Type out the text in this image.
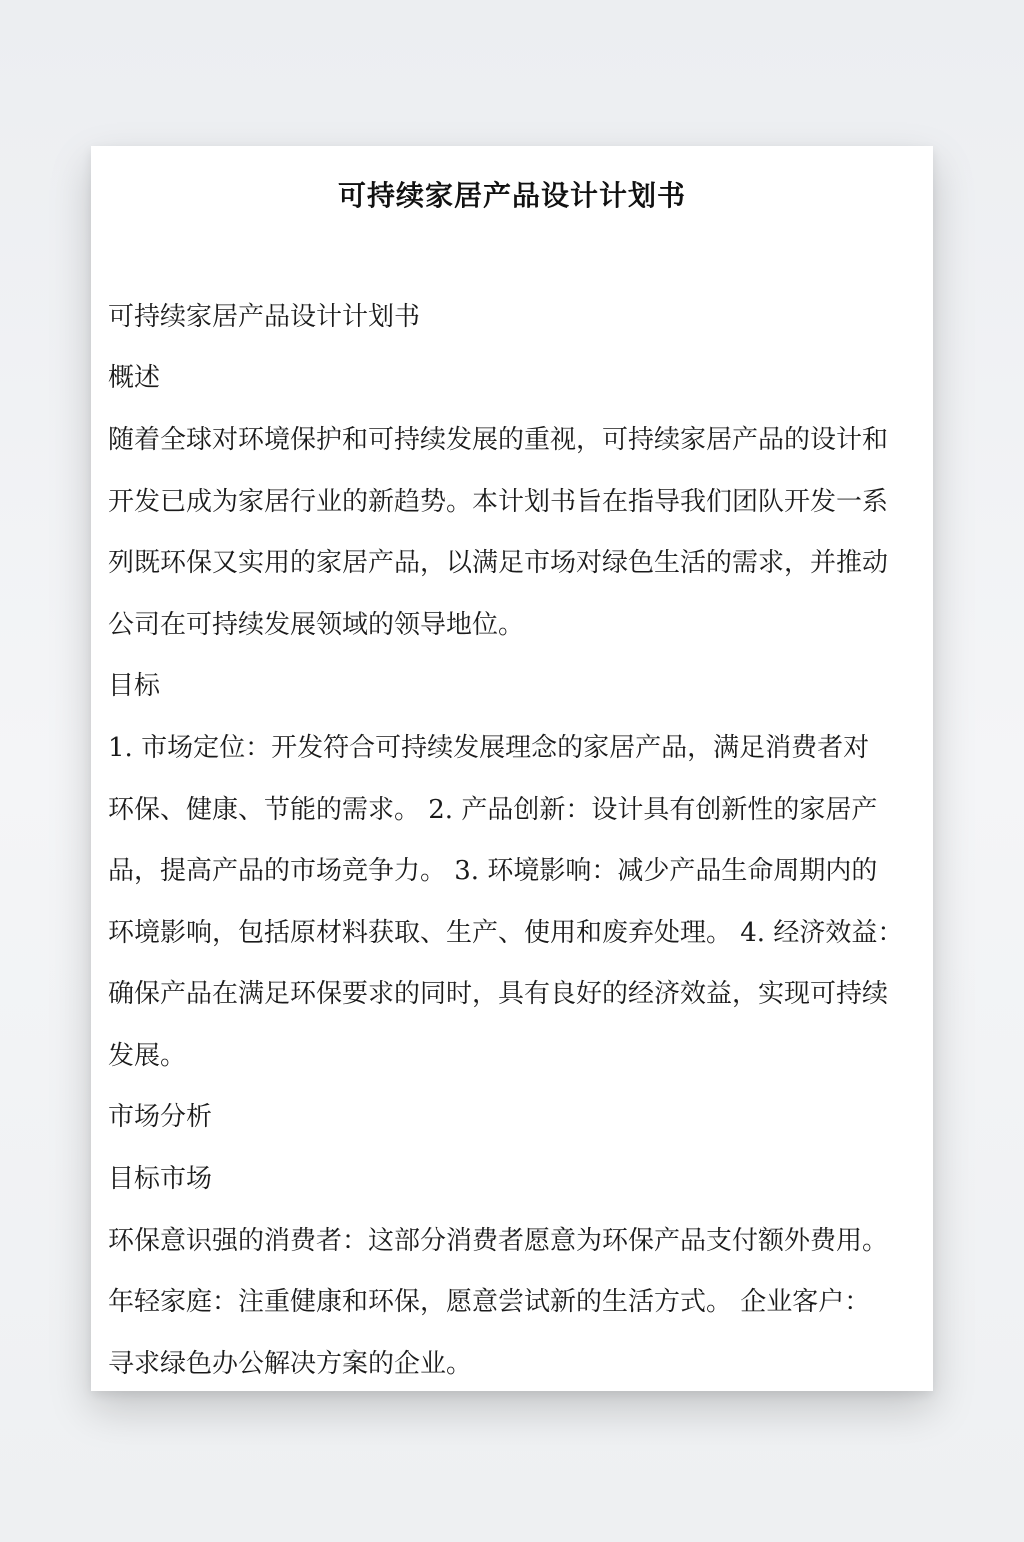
可持续家居产品设计计划书
可持续家居产品设计计划书
概述
随着全球对环境保护和可持续发展的重视，可持续家居产品的设计和
开发已成为家居行业的新趋势。本计划书旨在指导我们团队开发一系
列既环保又实用的家居产品，以满足市场对绿色生活的需求，并推动
公司在可持续发展领域的领导地位。
目标
1. 市场定位：开发符合可持续发展理念的家居产品，满足消费者对
环保、健康、节能的需求。 2. 产品创新：设计具有创新性的家居产
品，提高产品的市场竞争力。 3. 环境影响：减少产品生命周期内的
环境影响，包括原材料获取、生产、使用和废弃处理。 4. 经济效益：
确保产品在满足环保要求的同时，具有良好的经济效益，实现可持续
发展。
市场分析
目标市场
环保意识强的消费者：这部分消费者愿意为环保产品支付额外费用。
年轻家庭：注重健康和环保，愿意尝试新的生活方式。 企业客户：
寻求绿色办公解决方案的企业。
